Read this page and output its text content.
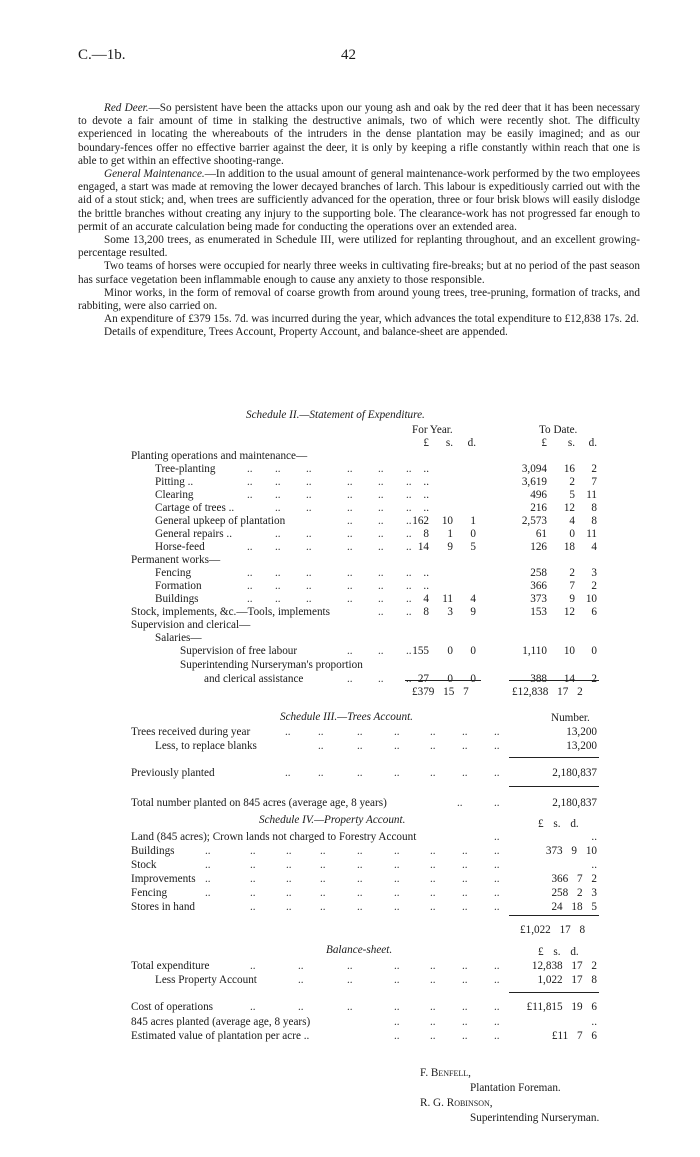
C.—1b.	42

Red Deer.—So persistent have been the attacks upon our young ash and oak by the red deer that it has been necessary to devote a fair amount of time in stalking the destructive animals, two of which were recently shot. The difficulty experienced in locating the whereabouts of the intruders in the dense plantation may be easily imagined; and as our boundary-fences offer no effective barrier against the deer, it is only by keeping a rifle constantly within reach that one is able to get within an effective shooting-range.

General Maintenance.—In addition to the usual amount of general maintenance-work performed by the two employees engaged, a start was made at removing the lower decayed branches of larch. This labour is expeditiously carried out with the aid of a stout stick; and, when trees are sufficiently advanced for the operation, three or four brisk blows will easily dislodge the brittle branches without creating any injury to the supporting bole. The clearance-work has not progressed far enough to permit of an accurate calculation being made for conducting the operations over an extended area.

Some 13,200 trees, as enumerated in Schedule III, were utilized for replanting throughout, and an excellent growing-percentage resulted.

Two teams of horses were occupied for nearly three weeks in cultivating fire-breaks; but at no period of the past season has surface vegetation been inflammable enough to cause any anxiety to those responsible.

Minor works, in the form of removal of coarse growth from around young trees, tree-pruning, formation of tracks, and rabbiting, were also carried on.

An expenditure of £379 15s. 7d. was incurred during the year, which advances the total expenditure to £12,838 17s. 2d.

Details of expenditure, Trees Account, Property Account, and balance-sheet are appended.

Schedule II.—Statement of Expenditure.
For Year.	To Date.
£ s. d.	£ s. d.
Planting operations and maintenance—
Tree-planting	.. .. ..	.. .. .. ..	3,094 16 2
Pitting ..	.. .. ..	.. .. .. ..	3,619 2 7
Clearing	.. .. ..	.. .. .. ..	496 5 11
Cartage of trees ..	.. ..	.. .. .. ..	216 12 8
General upkeep of plantation	.. .. .. 162 10 1	2,573 4 8
General repairs ..	.. ..	.. .. .. 8 1 0	61 0 11
Horse-feed	.. .. ..	.. .. .. 14 9 5	126 18 4
Permanent works—
Fencing	.. .. ..	.. .. .. ..	258 2 3
Formation	.. .. ..	.. .. .. ..	366 7 2
Buildings	.. .. ..	.. .. .. 4 11 4	373 9 10
Stock, implements, &c.—Tools, implements	.. .. 8 3 9	153 12 6
Supervision and clerical—
Salaries—
Supervision of free labour	.. .. .. 155 0 0	1,110 10 0
Superintending Nurseryman's proportion
and clerical assistance	.. .. .. 27 0 0	388 14 2
£379 15 7	£12,838 17 2
Schedule III.—Trees Account.	Number.
Trees received during year	.. ..	..	..	.. .. ..	13,200
Less, to replace blanks	..	..	..	.. .. ..	13,200
Previously planted	.. ..	..	..	.. .. ..	2,180,837
Total number planted on 845 acres (average age, 8 years)	..	..	2,180,837
Schedule IV.—Property Account.	£ s. d.
Land (845 acres); Crown lands not charged to Forestry Account	..	..
Buildings	..	..	..	..	..	..	.. .. ..	373 9 10
Stock	..	..	..	..	..	..	.. .. ..	..
Improvements ..	..	..	..	..	..	.. .. ..	366 7 2
Fencing	..	..	..	..	..	..	.. .. ..	258 2 3
Stores in hand	..	..	..	..	..	.. .. ..	24 18 5
£1,022 17 8
Balance-sheet.	£ s. d.
Total expenditure	..	..	..	..	.. .. ..	12,838 17 2
Less Property Account	..	..	..	.. .. ..	1,022 17 8
Cost of operations	..	..	..	..	.. .. .. £11,815 19 6
845 acres planted (average age, 8 years)	..	.. .. ..	..
Estimated value of plantation per acre ..	..	.. .. ..	£11 7 6
F. Benfell,
Plantation Foreman.
R. G. Robinson,
Superintending Nurseryman.
